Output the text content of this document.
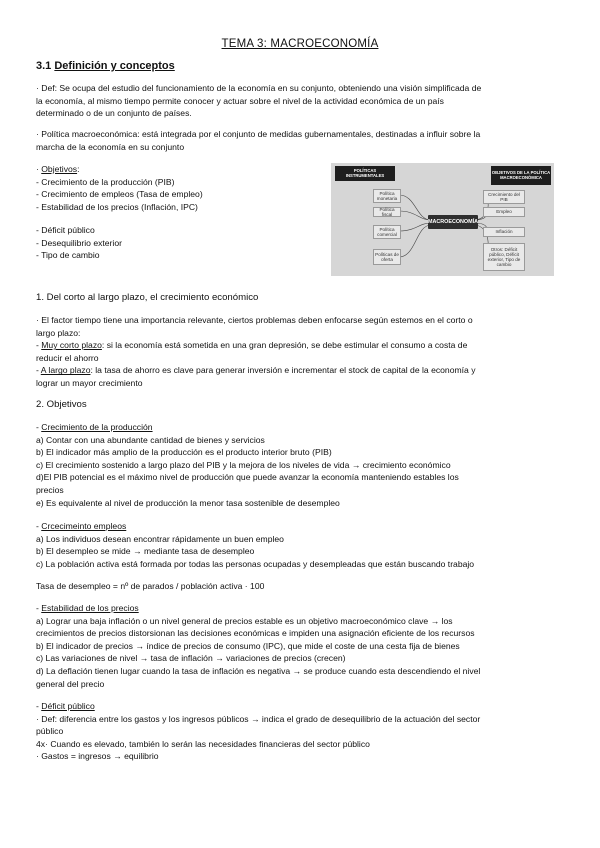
TEMA 3: MACROECONOMÍA
3.1 Definición y conceptos
· Def: Se ocupa del estudio del funcionamiento de la economía en su conjunto, obteniendo una visión simplificada de
la economía, al mismo tiempo permite conocer y actuar sobre el nivel de la actividad económica de un país
determinado o de un conjunto de países.
· Política macroeconómica: está integrada por el conjunto de medidas gubernamentales, destinadas a influir sobre la
marcha de la economía en su conjunto
· Objetivos:
- Crecimiento de la producción (PIB)
- Crecimiento de empleos (Tasa de empleo)
- Estabilidad de los precios (Inflación, IPC)
- Déficit público
- Desequilibrio exterior
- Tipo de cambio
POLÍTICAS INSTRUMENTALES
OBJETIVOS DE LA POLÍTICA MACROECONÓMICA
Política monetaria
Política fiscal
Política comercial
Políticas de oferta
MACROECONOMÍA
Crecimiento del PIB
Empleo
Inflación
Otros: Déficit público, Déficit exterior, Tipo de cambio
1. Del corto al largo plazo, el crecimiento económico
· El factor tiempo tiene una importancia relevante, ciertos problemas deben enfocarse según estemos en el corto o
largo plazo:
- Muy corto plazo: si la economía está sometida en una gran depresión, se debe estimular el consumo a costa de
reducir el ahorro
- A largo plazo: la tasa de ahorro es clave para generar inversión e incrementar el stock de capital de la economía y
lograr un mayor crecimiento
2. Objetivos
- Crecimiento de la producción
a) Contar con una abundante cantidad de bienes y servicios
b) El indicador más amplio de la producción es el producto interior bruto (PIB)
c) El crecimiento sostenido a largo plazo del PIB y la mejora de los niveles de vida → crecimiento económico
d)El PIB potencial es el máximo nivel de producción que puede avanzar la economía manteniendo estables los
precios
e) Es equivalente al nivel de producción la menor tasa sostenible de desempleo
- Crcecimeinto empleos
a) Los individuos desean encontrar rápidamente un buen empleo
b) El desempleo se mide → mediante tasa de desempleo
c) La población activa está formada por todas las personas ocupadas y desempleadas que están buscando trabajo
Tasa de desempleo = nº de parados / población activa · 100
- Estabilidad de los precios
a) Lograr una baja inflación o un nivel general de precios estable es un objetivo macroeconómico clave → los
crecimientos de precios distorsionan las decisiones económicas e impiden una asignación eficiente de los recursos
b) El indicador de precios → índice de precios de consumo (IPC), que mide el coste de una cesta fija de bienes
c) Las variaciones de nivel → tasa de inflación → variaciones de precios (crecen)
d) La deflación tienen lugar cuando la tasa de inflación es negativa → se produce cuando esta descendiendo el nivel
general del precio
- Déficit público
· Def: diferencia entre los gastos y los ingresos públicos → indica el grado de desequilibrio de la actuación del sector
público
4x· Cuando es elevado, también lo serán las necesidades financieras del sector público
· Gastos = ingresos → equilibrio
